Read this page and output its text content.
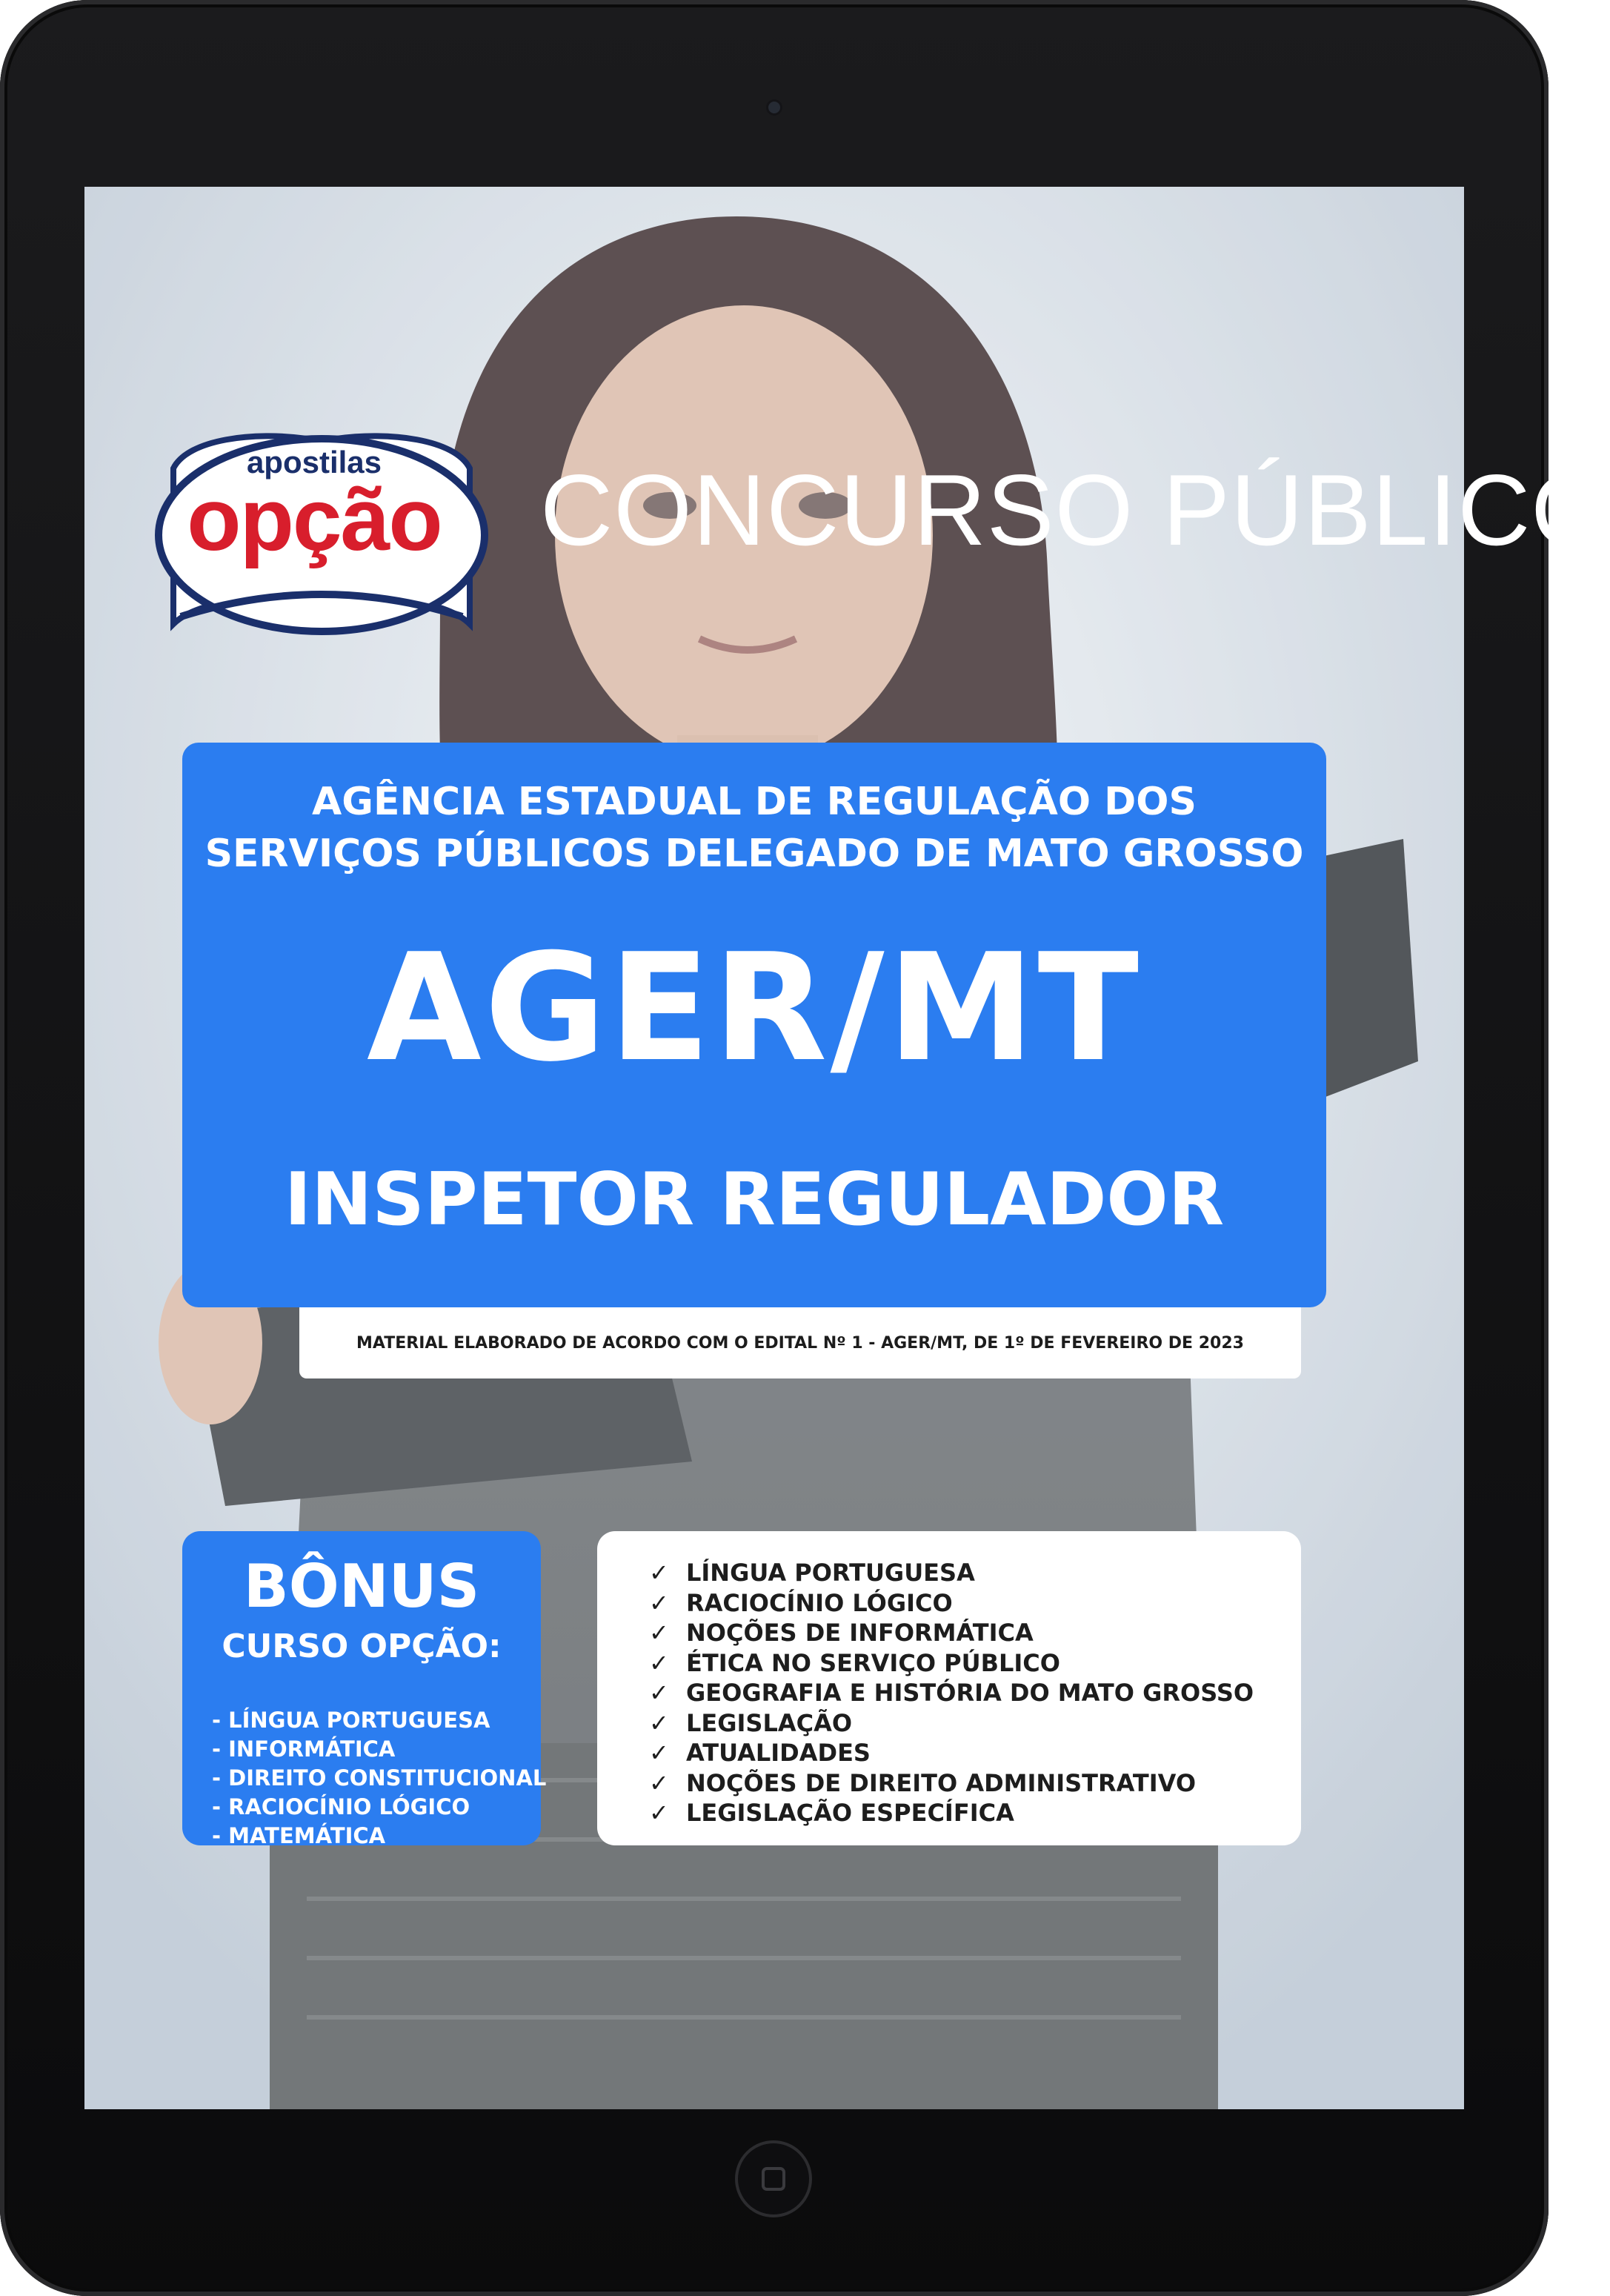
apostilas
opção CONCURSO PÚBLICO
AGÊNCIA ESTADUAL DE REGULAÇÃO DOS
SERVIÇOS PÚBLICOS DELEGADO DE MATO GROSSO
AGER/MT
INSPETOR REGULADOR
MATERIAL ELABORADO DE ACORDO COM O EDITAL Nº 1 - AGER/MT, DE 1º DE FEVEREIRO DE 2023
BÔNUS
CURSO OPÇÃO:
- LÍNGUA PORTUGUESA
- INFORMÁTICA
- DIREITO CONSTITUCIONAL
- RACIOCÍNIO LÓGICO
- MATEMÁTICA
✓ LÍNGUA PORTUGUESA
✓ RACIOCÍNIO LÓGICO
✓ NOÇÕES DE INFORMÁTICA
✓ ÉTICA NO SERVIÇO PÚBLICO
✓ GEOGRAFIA E HISTÓRIA DO MATO GROSSO
✓ LEGISLAÇÃO
✓ ATUALIDADES
✓ NOÇÕES DE DIREITO ADMINISTRATIVO
✓ LEGISLAÇÃO ESPECÍFICA
